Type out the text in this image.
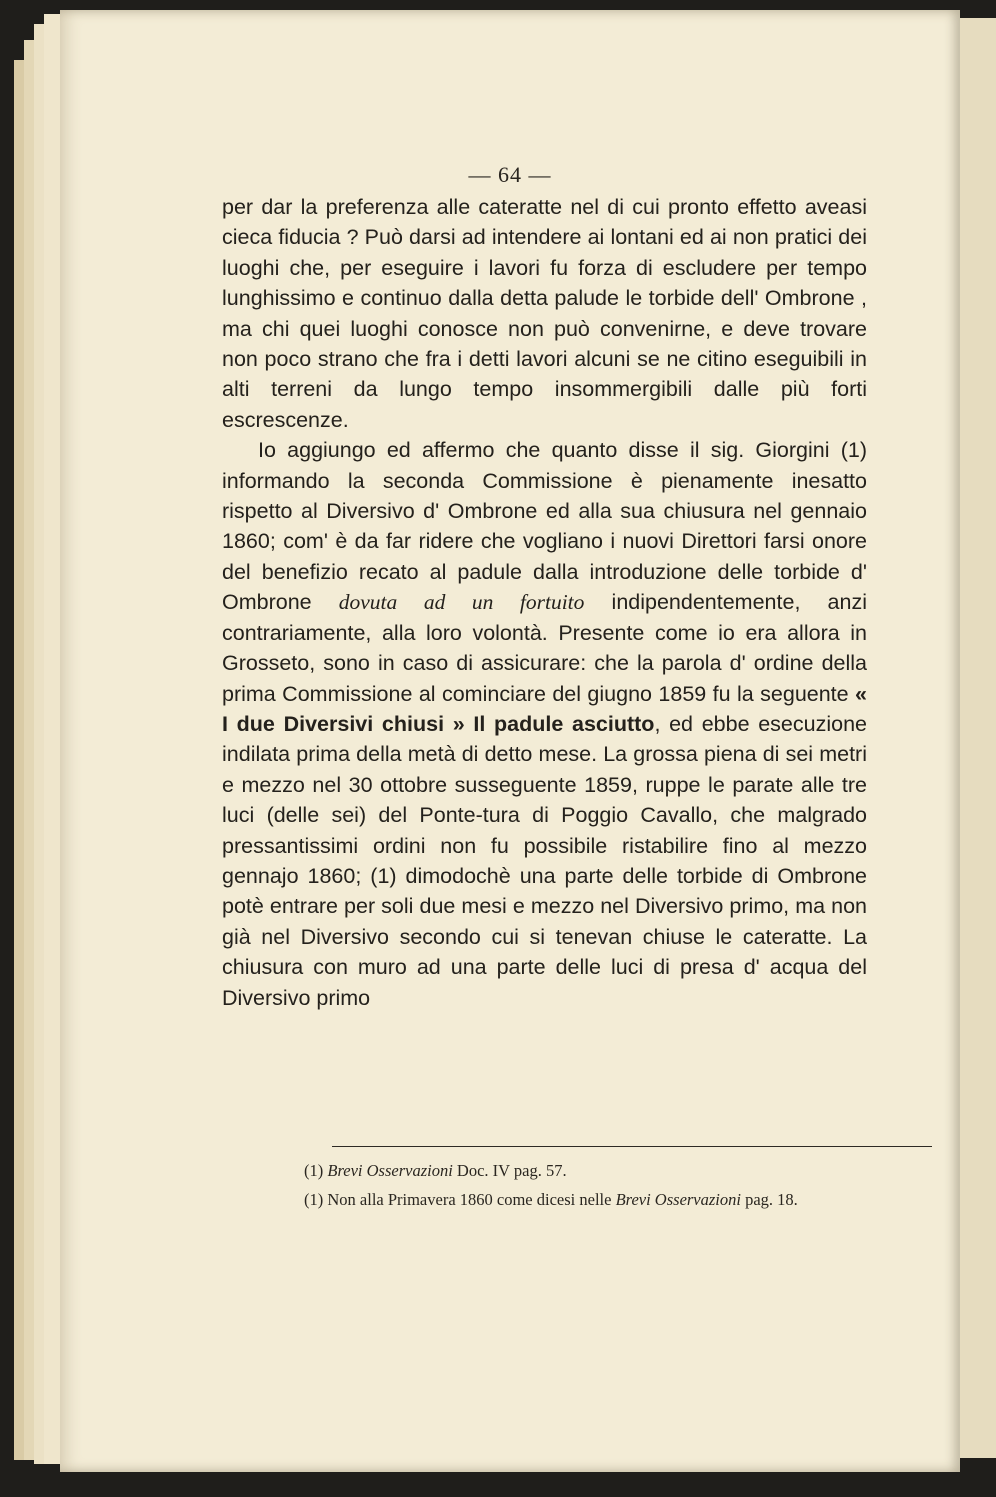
— 64 —

per dar la preferenza alle cateratte nel di cui pronto effetto aveasi cieca fiducia ? Può darsi ad intendere ai lontani ed ai non pratici dei luoghi che, per eseguire i lavori fu forza di escludere per tempo lunghissimo e continuo dalla detta palude le torbide dell' Ombrone , ma chi quei luoghi conosce non può convenirne, e deve trovare non poco strano che fra i detti lavori alcuni se ne citino eseguibili in alti terreni da lungo tempo insommergibili dalle più forti escrescenze.

Io aggiungo ed affermo che quanto disse il sig. Giorgini (1) informando la seconda Commissione è pienamente inesatto rispetto al Diversivo d' Ombrone ed alla sua chiusura nel gennaio 1860; com' è da far ridere che vogliano i nuovi Direttori farsi onore del benefizio recato al padule dalla introduzione delle torbide d' Ombrone dovuta ad un fortuito indipendentemente, anzi contrariamente, alla loro volontà. Presente come io era allora in Grosseto, sono in caso di assicurare: che la parola d' ordine della prima Commissione al cominciare del giugno 1859 fu la seguente « I due Diversivi chiusi » Il padule asciutto, ed ebbe esecuzione indilata prima della metà di detto mese. La grossa piena di sei metri e mezzo nel 30 ottobre susseguente 1859, ruppe le parate alle tre luci (delle sei) del Ponte-tura di Poggio Cavallo, che malgrado pressantissimi ordini non fu possibile ristabilire fino al mezzo gennajo 1860; (1) dimodochè una parte delle torbide di Ombrone potè entrare per soli due mesi e mezzo nel Diversivo primo, ma non già nel Diversivo secondo cui si tenevan chiuse le cateratte. La chiusura con muro ad una parte delle luci di presa d' acqua del Diversivo primo

(1) Brevi Osservazioni Doc. IV pag. 57.

(1) Non alla Primavera 1860 come dicesi nelle Brevi Osservazioni pag. 18.
